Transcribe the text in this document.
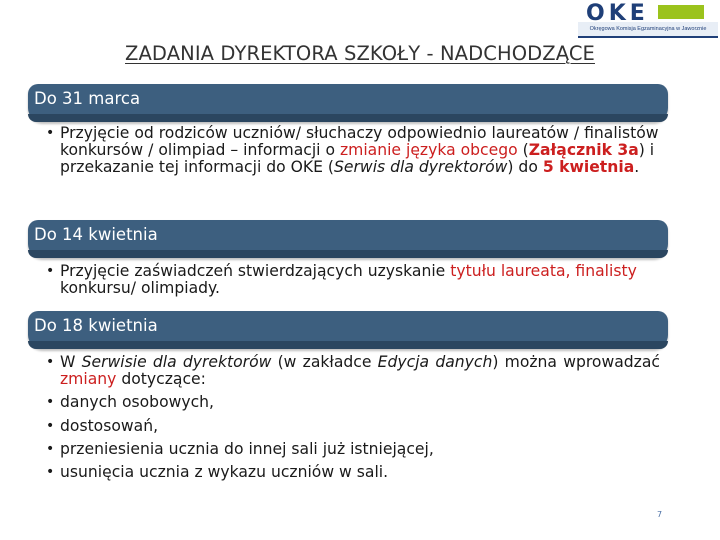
OKE
Okręgowa Komisja Egzaminacyjna w Jaworznie
ZADANIA DYREKTORA SZKOŁY - NADCHODZĄCE
Do 31 marca
• Przyjęcie od rodziców uczniów/ słuchaczy odpowiednio laureatów / finalistów konkursów / olimpiad – informacji o zmianie języka obcego (Załącznik 3a) i przekazanie tej informacji do OKE (Serwis dla dyrektorów) do 5 kwietnia.
Do 14 kwietnia
• Przyjęcie zaświadczeń stwierdzających uzyskanie tytułu laureata, finalisty konkursu/ olimpiady.
Do 18 kwietnia
• W Serwisie dla dyrektorów (w zakładce Edycja danych) można wprowadzać zmiany dotyczące:
• danych osobowych,
• dostosowań,
• przeniesienia ucznia do innej sali już istniejącej,
• usunięcia ucznia z wykazu uczniów w sali.
7
